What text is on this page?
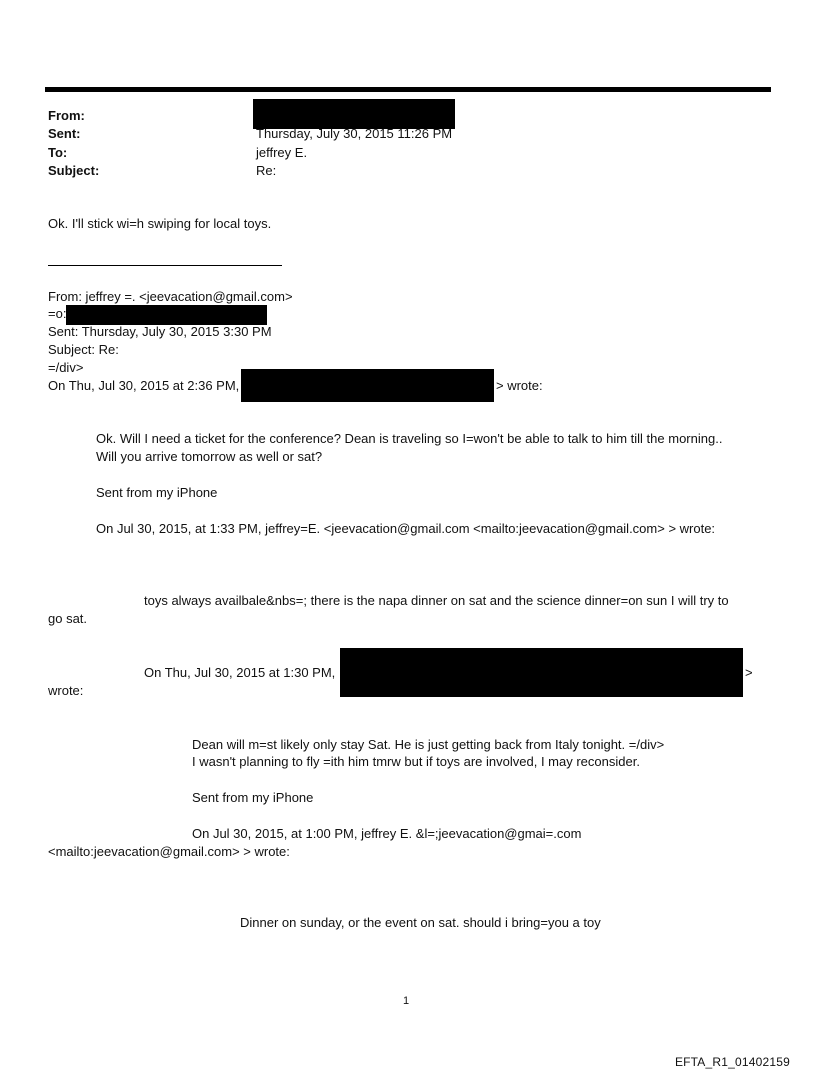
From:
Sent:	Thursday, July 30, 2015 11:26 PM
To:	jeffrey E.
Subject:	Re:
Ok. I'll stick wi=h swiping for local toys.
From: jeffrey =. <jeevacation@gmail.com>
=o:
Sent: Thursday, July 30, 2015 3:30 PM
Subject: Re:
=/div>
On Thu, Jul 30, 2015 at 2:36 PM,	> wrote:
Ok. Will I need a ticket for the conference? Dean is traveling so I=won't be able to talk to him till the morning..
Will you arrive tomorrow as well or sat?
Sent from my iPhone
On Jul 30, 2015, at 1:33 PM, jeffrey=E. <jeevacation@gmail.com <mailto:jeevacation@gmail.com> > wrote:
toys always availbale&nbs=; there is the napa dinner on sat and the science dinner=on sun I will try to
go sat.
On Thu, Jul 30, 2015 at 1:30 PM,	>
wrote:
Dean will m=st likely only stay Sat. He is just getting back from Italy tonight. =/div>
I wasn't planning to fly =ith him tmrw but if toys are involved, I may reconsider.
Sent from my iPhone
On Jul 30, 2015, at 1:00 PM, jeffrey E. &l=;jeevacation@gmai=.com
<mailto:jeevacation@gmail.com> > wrote:
Dinner on sunday, or the event on sat. should i bring=you a toy
1
EFTA_R1_01402159
